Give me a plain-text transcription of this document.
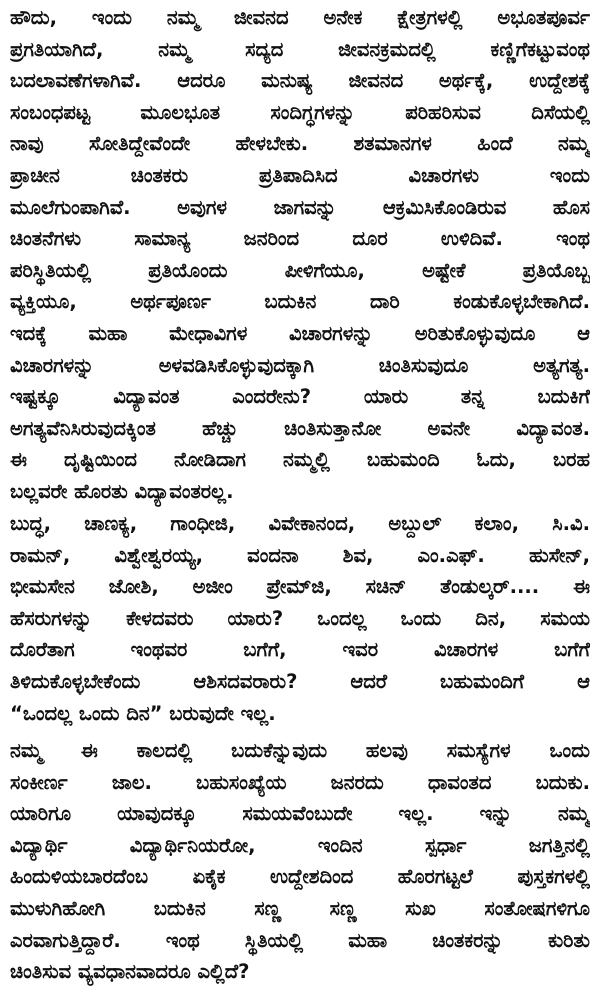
ಹೌದು, ಇಂದು ನಮ್ಮ ಜೀವನದ ಅನೇಕ ಕ್ಷೇತ್ರಗಳಲ್ಲಿ ಅಭೂತಪೂರ್ವ
ಪ್ರಗತಿಯಾಗಿದೆ, ನಮ್ಮ ಸದ್ಯದ ಜೀವನಕ್ರಮದಲ್ಲಿ ಕಣ್ಣಿಗೆಕಟ್ಟುವಂಥ
ಬದಲಾವಣೆಗಳಾಗಿವೆ. ಆದರೂ ಮನುಷ್ಯ ಜೀವನದ ಅರ್ಥಕ್ಕೆ, ಉದ್ದೇಶಕ್ಕೆ
ಸಂಬಂಧಪಟ್ಟ ಮೂಲಭೂತ ಸಂದಿಗ್ಧಗಳನ್ನು ಪರಿಹರಿಸುವ ದಿಸೆಯಲ್ಲಿ
ನಾವು ಸೋತಿದ್ದೇವೆಂದೇ ಹೇಳಬೇಕು. ಶತಮಾನಗಳ ಹಿಂದೆ ನಮ್ಮ
ಪ್ರಾಚೀನ ಚಿಂತಕರು ಪ್ರತಿಪಾದಿಸಿದ ವಿಚಾರಗಳು ಇಂದು
ಮೂಲೆಗುಂಪಾಗಿವೆ. ಅವುಗಳ ಜಾಗವನ್ನು ಆಕ್ರಮಿಸಿಕೊಂಡಿರುವ ಹೊಸ
ಚಿಂತನೆಗಳು ಸಾಮಾನ್ಯ ಜನರಿಂದ ದೂರ ಉಳಿದಿವೆ. ಇಂಥ
ಪರಿಸ್ಥಿತಿಯಲ್ಲಿ ಪ್ರತಿಯೊಂದು ಪೀಳಿಗೆಯೂ, ಅಷ್ಟೇಕೆ ಪ್ರತಿಯೊಬ್ಬ
ವ್ಯಕ್ತಿಯೂ, ಅರ್ಥಪೂರ್ಣ ಬದುಕಿನ ದಾರಿ ಕಂಡುಕೊಳ್ಳಬೇಕಾಗಿದೆ.
ಇದಕ್ಕೆ ಮಹಾ ಮೇಧಾವಿಗಳ ವಿಚಾರಗಳನ್ನು ಅರಿತುಕೊಳ್ಳುವುದೂ ಆ
ವಿಚಾರಗಳನ್ನು ಅಳವಡಿಸಿಕೊಳ್ಳುವುದಕ್ಕಾಗಿ ಚಿಂತಿಸುವುದೂ ಅತ್ಯಗತ್ಯ.
ಇಷ್ಟಕ್ಕೂ ವಿದ್ಯಾವಂತ ಎಂದರೇನು? ಯಾರು ತನ್ನ ಬದುಕಿಗೆ
ಅಗತ್ಯವೆನಿಸಿರುವುದಕ್ಕಿಂತ ಹೆಚ್ಚು ಚಿಂತಿಸುತ್ತಾನೋ ಅವನೇ ವಿದ್ಯಾವಂತ.
ಈ ದೃಷ್ಟಿಯಿಂದ ನೋಡಿದಾಗ ನಮ್ಮಲ್ಲಿ ಬಹುಮಂದಿ ಓದು, ಬರಹ
ಬಲ್ಲವರೇ ಹೊರತು ವಿದ್ಯಾವಂತರಲ್ಲ.

ಬುದ್ಧ, ಚಾಣಕ್ಯ, ಗಾಂಧೀಜಿ, ವಿವೇಕಾನಂದ, ಅಬ್ದುಲ್ ಕಲಾಂ, ಸಿ.ವಿ.
ರಾಮನ್, ವಿಶ್ವೇಶ್ವರಯ್ಯ, ವಂದನಾ ಶಿವ, ಎಂ.ಎಫ್. ಹುಸೇನ್,
ಭೀಮಸೇನ ಜೋಶಿ, ಅಜೀಂ ಪ್ರೇಮ್‌ಜಿ, ಸಚಿನ್ ತೆಂಡುಲ್ಕರ್.... ಈ
ಹೆಸರುಗಳನ್ನು ಕೇಳದವರು ಯಾರು? ಒಂದಲ್ಲ ಒಂದು ದಿನ, ಸಮಯ
ದೊರೆತಾಗ ಇಂಥವರ ಬಗೆಗೆ, ಇವರ ವಿಚಾರಗಳ ಬಗೆಗೆ
ತಿಳಿದುಕೊಳ್ಳಬೇಕೆಂದು ಆಶಿಸದವರಾರು? ಆದರೆ ಬಹುಮಂದಿಗೆ ಆ
“ಒಂದಲ್ಲ ಒಂದು ದಿನ” ಬರುವುದೇ ಇಲ್ಲ.

ನಮ್ಮ ಈ ಕಾಲದಲ್ಲಿ ಬದುಕೆನ್ನುವುದು ಹಲವು ಸಮಸ್ಯೆಗಳ ಒಂದು
ಸಂಕೀರ್ಣ ಜಾಲ. ಬಹುಸಂಖ್ಯೆಯ ಜನರದು ಧಾವಂತದ ಬದುಕು.
ಯಾರಿಗೂ ಯಾವುದಕ್ಕೂ ಸಮಯವೆಂಬುದೇ ಇಲ್ಲ. ಇನ್ನು ನಮ್ಮ
ವಿದ್ಯಾರ್ಥಿ ವಿದ್ಯಾರ್ಥಿನಿಯರೋ, ಇಂದಿನ ಸ್ಪರ್ಧಾ ಜಗತ್ತಿನಲ್ಲಿ
ಹಿಂದುಳಿಯಬಾರದೆಂಬ ಏಕೈಕ ಉದ್ದೇಶದಿಂದ ಹೊರಗಟ್ಟಲೆ ಪುಸ್ತಕಗಳಲ್ಲಿ
ಮುಳುಗಿಹೋಗಿ ಬದುಕಿನ ಸಣ್ಣ ಸಣ್ಣ ಸುಖ ಸಂತೋಷಗಳಿಗೂ
ಎರವಾಗುತ್ತಿದ್ದಾರೆ. ಇಂಥ ಸ್ಥಿತಿಯಲ್ಲಿ ಮಹಾ ಚಿಂತಕರನ್ನು ಕುರಿತು
ಚಿಂತಿಸುವ ವ್ಯವಧಾನವಾದರೂ ಎಲ್ಲಿದೆ?
